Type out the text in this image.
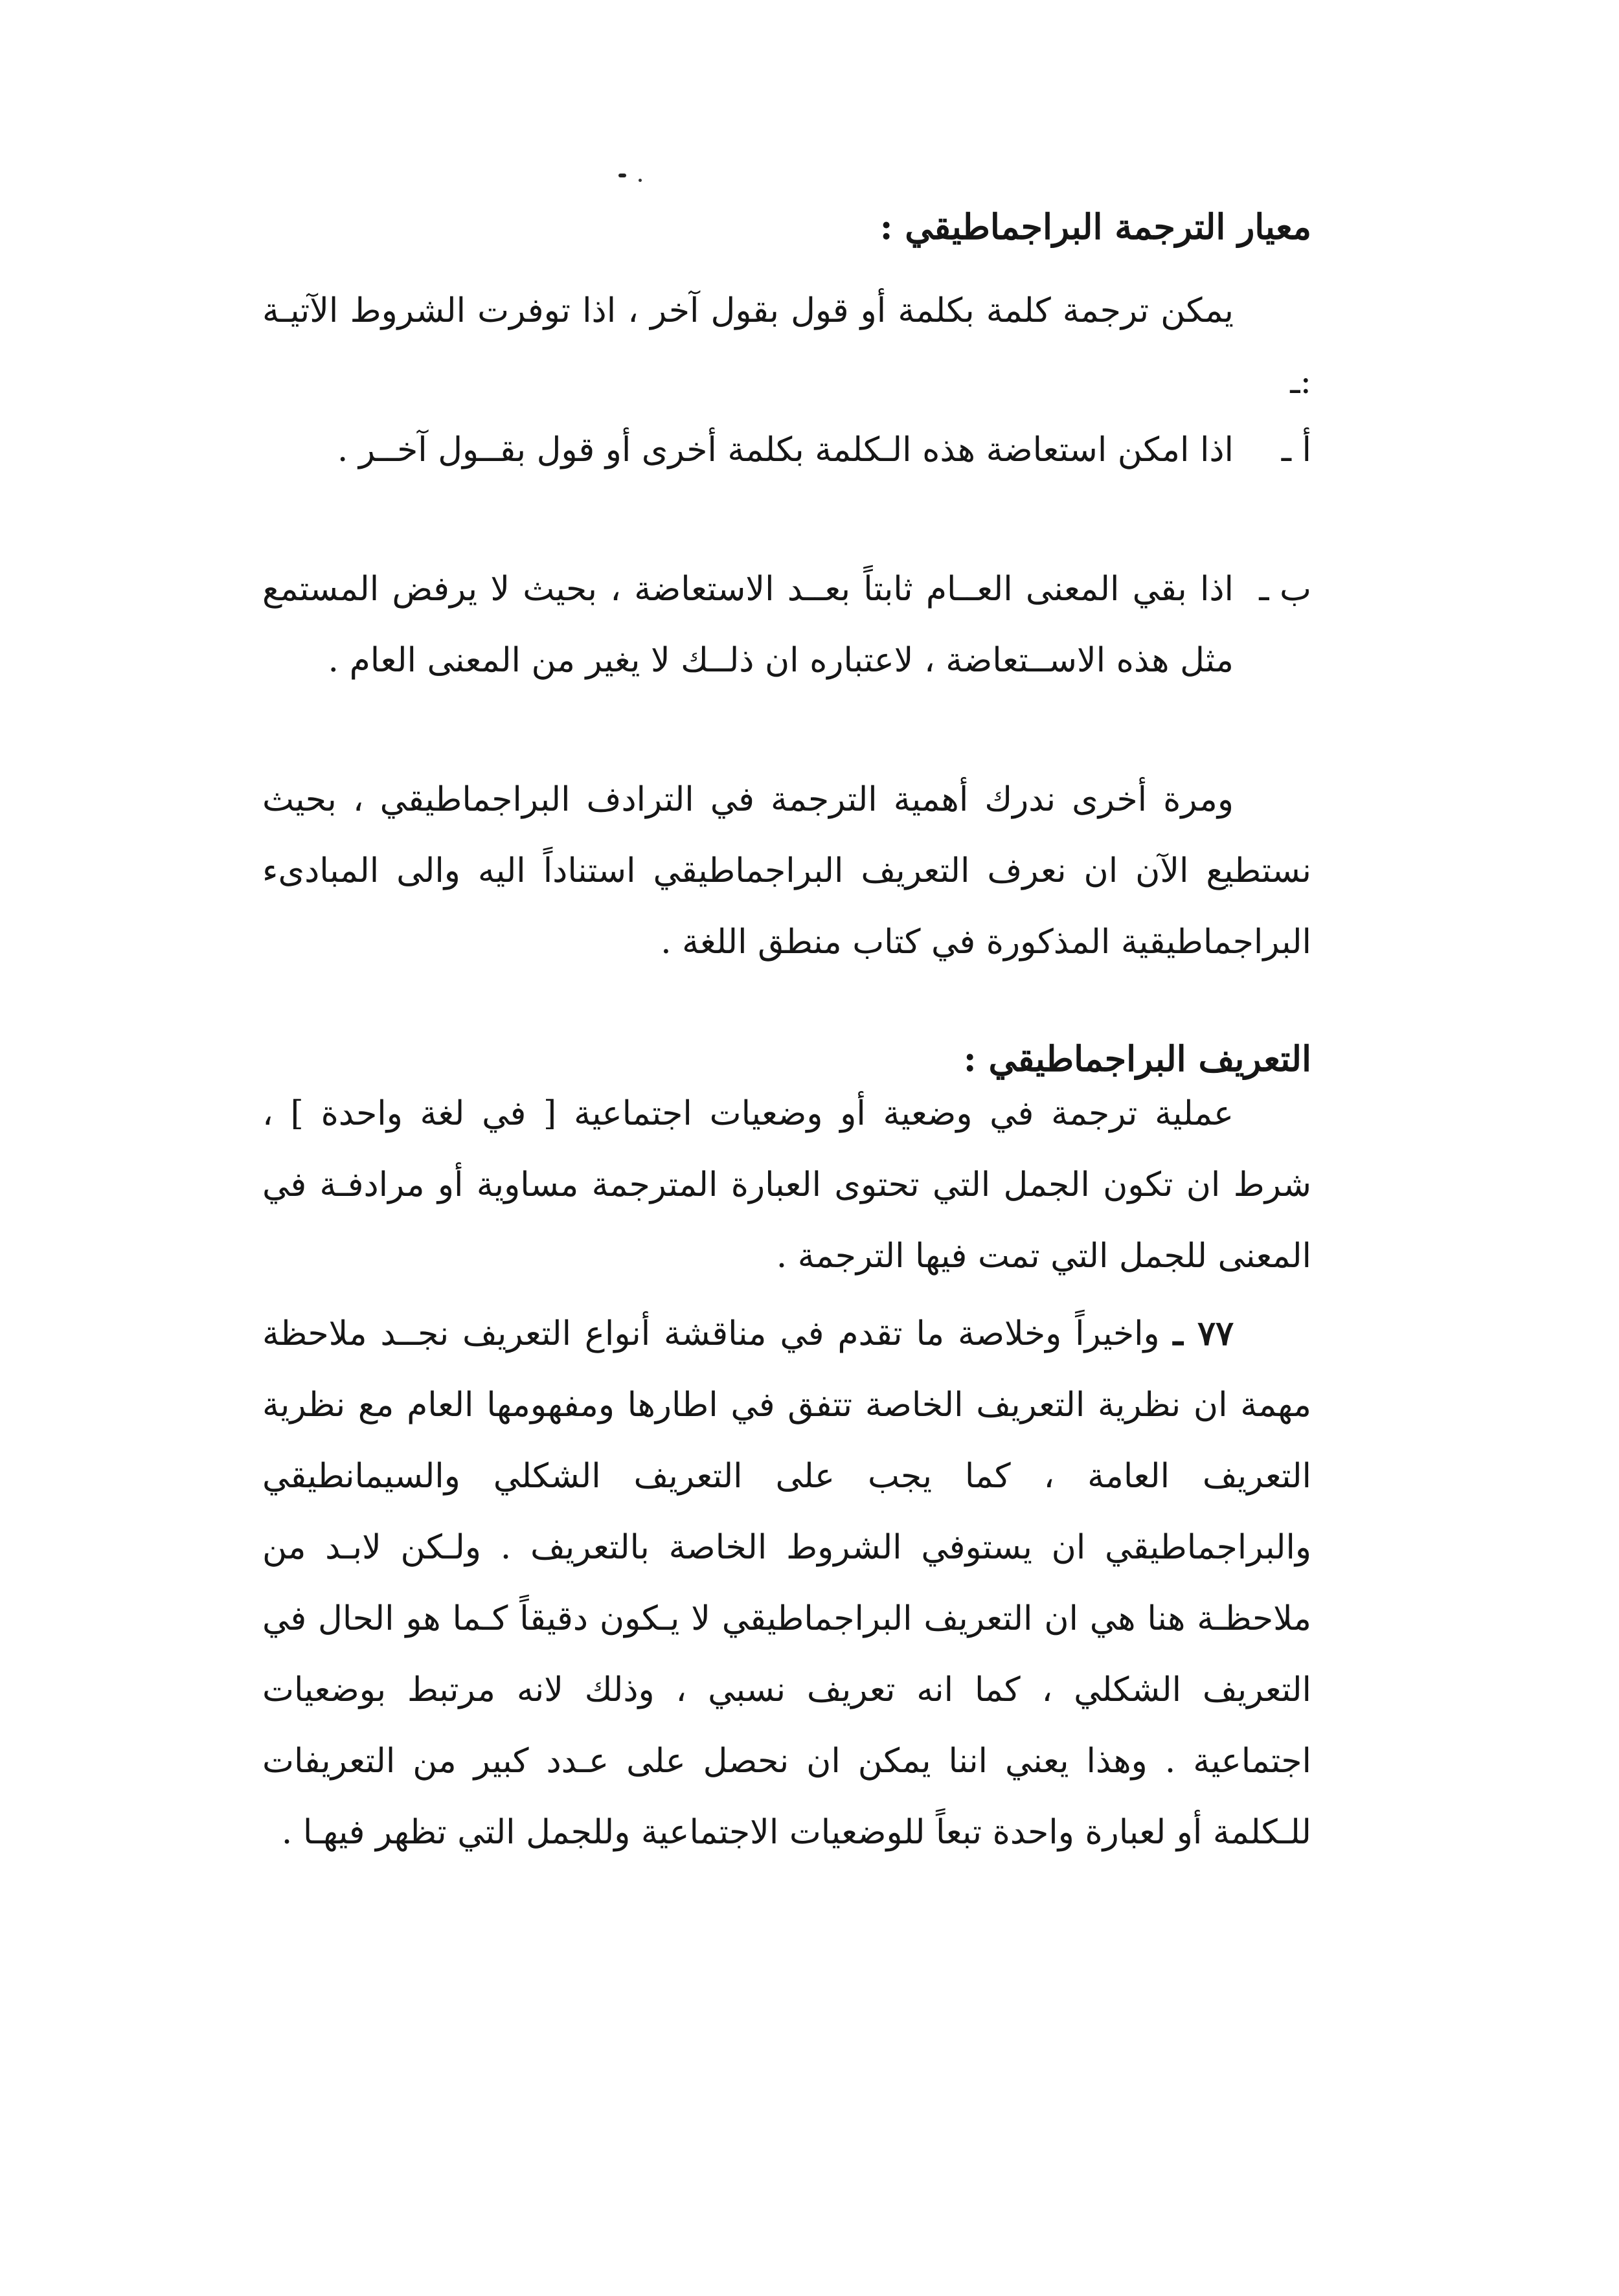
معيار الترجمة البراجماطيقي :

يمكن ترجمة كلمة بكلمة أو قول بقول آخر ، اذا توفرت الشروط الآتيـة :ـ

أ ـ
اذا امكن استعاضة هذه الـكلمة بكلمة أخرى أو قول بقــول آخــر .
ب ـ
اذا بقي المعنى العــام ثابتاً بعــد الاستعاضة ، بحيث لا يرفض المستمع مثل هذه الاســتعاضة ، لاعتباره ان ذلــك لا يغير من المعنى العام .

ومرة أخرى ندرك أهمية الترجمة في الترادف البراجماطيقي ، بحيث نستطيع الآن ان نعرف التعريف البراجماطيقي استناداً اليه والى المبادىء البراجماطيقية المذكورة في كتاب منطق اللغة .

التعريف البراجماطيقي :

عملية ترجمة في وضعية أو وضعيات اجتماعية [ في لغة واحدة ] ، شرط ان تكون الجمل التي تحتوى العبارة المترجمة مساوية أو مرادفـة في المعنى للجمل التي تمت فيها الترجمة .

٧٧ ـ واخيراً وخلاصة ما تقدم في مناقشة أنواع التعريف نجــد ملاحظة مهمة ان نظرية التعريف الخاصة تتفق في اطارها ومفهومها العام مع نظرية التعريف العامة ، كما يجب على التعريف الشكلي والسيمانطيقي والبراجماطيقي ان يستوفي الشروط الخاصة بالتعريف . ولـكن لابـد من ملاحظـة هنا هي ان التعريف البراجماطيقي لا يـكون دقيقاً كـما هو الحال في التعريف الشكلي ، كما انه تعريف نسبي ، وذلك لانه مرتبط بوضعيات اجتماعية . وهذا يعني اننا يمكن ان نحصل على عـدد كبير من التعريفات للـكلمة أو لعبارة واحدة تبعاً للوضعيات الاجتماعية وللجمل التي تظهر فيهـا .
